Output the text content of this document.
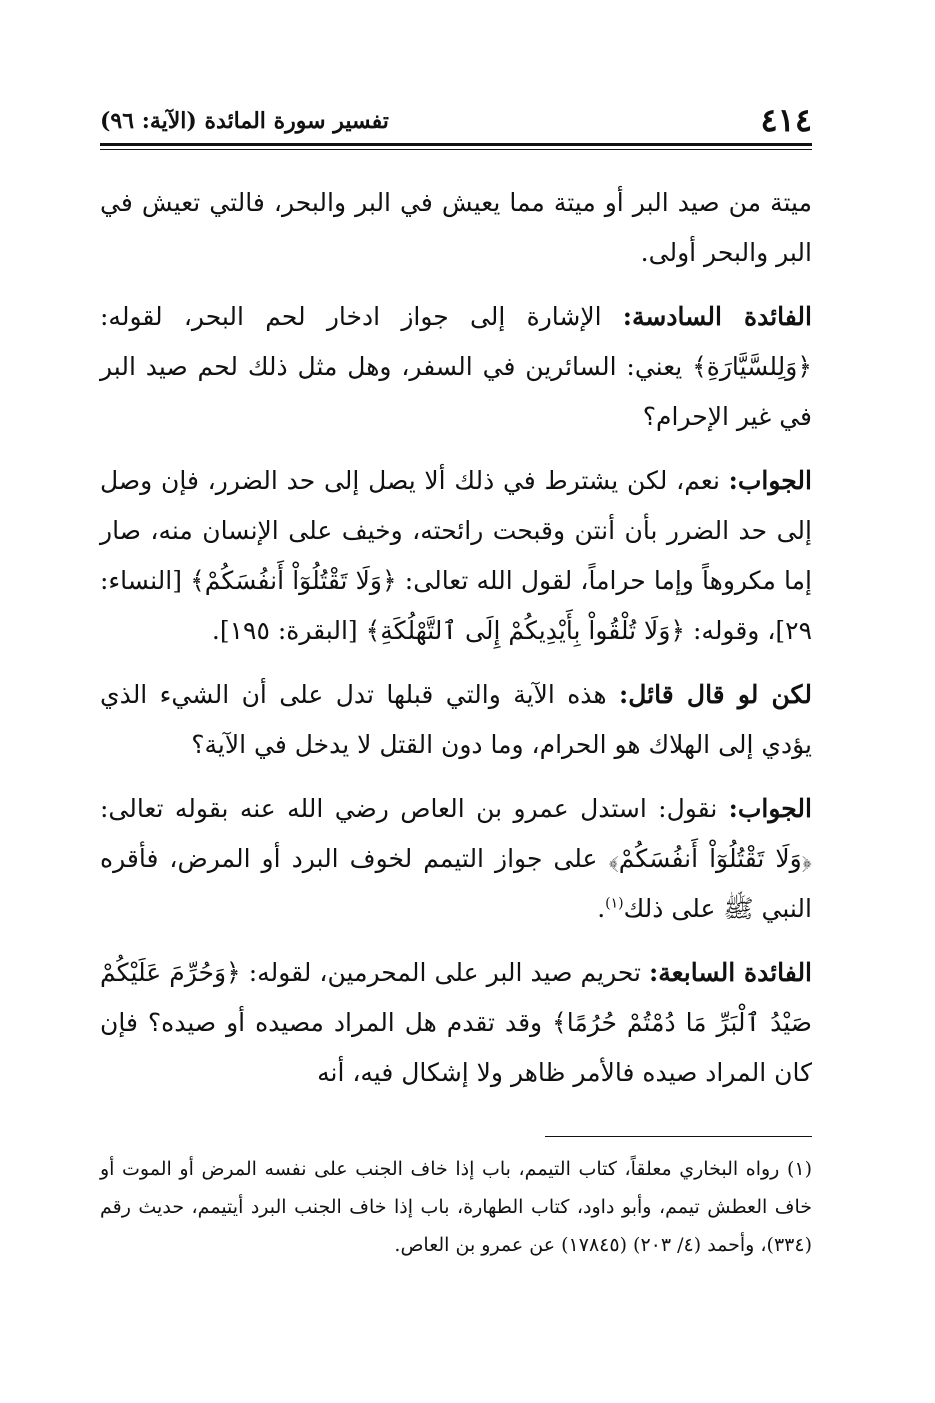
٤١٤
تفسير سورة المائدة (الآية: ٩٦)

ميتة من صيد البر أو ميتة مما يعيش في البر والبحر، فالتي تعيش في البر والبحر أولى.

الفائدة السادسة: الإشارة إلى جواز ادخار لحم البحر، لقوله: ﴿وَلِلسَّيَّارَةِ﴾ يعني: السائرين في السفر، وهل مثل ذلك لحم صيد البر في غير الإحرام؟

الجواب: نعم، لكن يشترط في ذلك ألا يصل إلى حد الضرر، فإن وصل إلى حد الضرر بأن أنتن وقبحت رائحته، وخيف على الإنسان منه، صار إما مكروهاً وإما حراماً، لقول الله تعالى: ﴿وَلَا تَقْتُلُوٓاْ أَنفُسَكُمْ﴾ [النساء: ٢٩]، وقوله: ﴿وَلَا تُلْقُواْ بِأَيْدِيكُمْ إِلَى ٱلتَّهْلُكَةِ﴾ [البقرة: ١٩٥].

لكن لو قال قائل: هذه الآية والتي قبلها تدل على أن الشيء الذي يؤدي إلى الهلاك هو الحرام، وما دون القتل لا يدخل في الآية؟

الجواب: نقول: استدل عمرو بن العاص رضي الله عنه بقوله تعالى: ﴿وَلَا تَقْتُلُوٓاْ أَنفُسَكُمْ﴾ على جواز التيمم لخوف البرد أو المرض، فأقره النبي ﷺ على ذلك$^{(١)}$.

الفائدة السابعة: تحريم صيد البر على المحرمين، لقوله: ﴿وَحُرِّمَ عَلَيْكُمْ صَيْدُ ٱلْبَرِّ مَا دُمْتُمْ حُرُمًا﴾ وقد تقدم هل المراد مصيده أو صيده؟ فإن كان المراد صيده فالأمر ظاهر ولا إشكال فيه، أنه

(١) رواه البخاري معلقاً، كتاب التيمم، باب إذا خاف الجنب على نفسه المرض أو الموت أو خاف العطش تيمم، وأبو داود، كتاب الطهارة، باب إذا خاف الجنب البرد أيتيمم، حديث رقم (٣٣٤)، وأحمد (٤/ ٢٠٣) (١٧٨٤٥) عن عمرو بن العاص.
